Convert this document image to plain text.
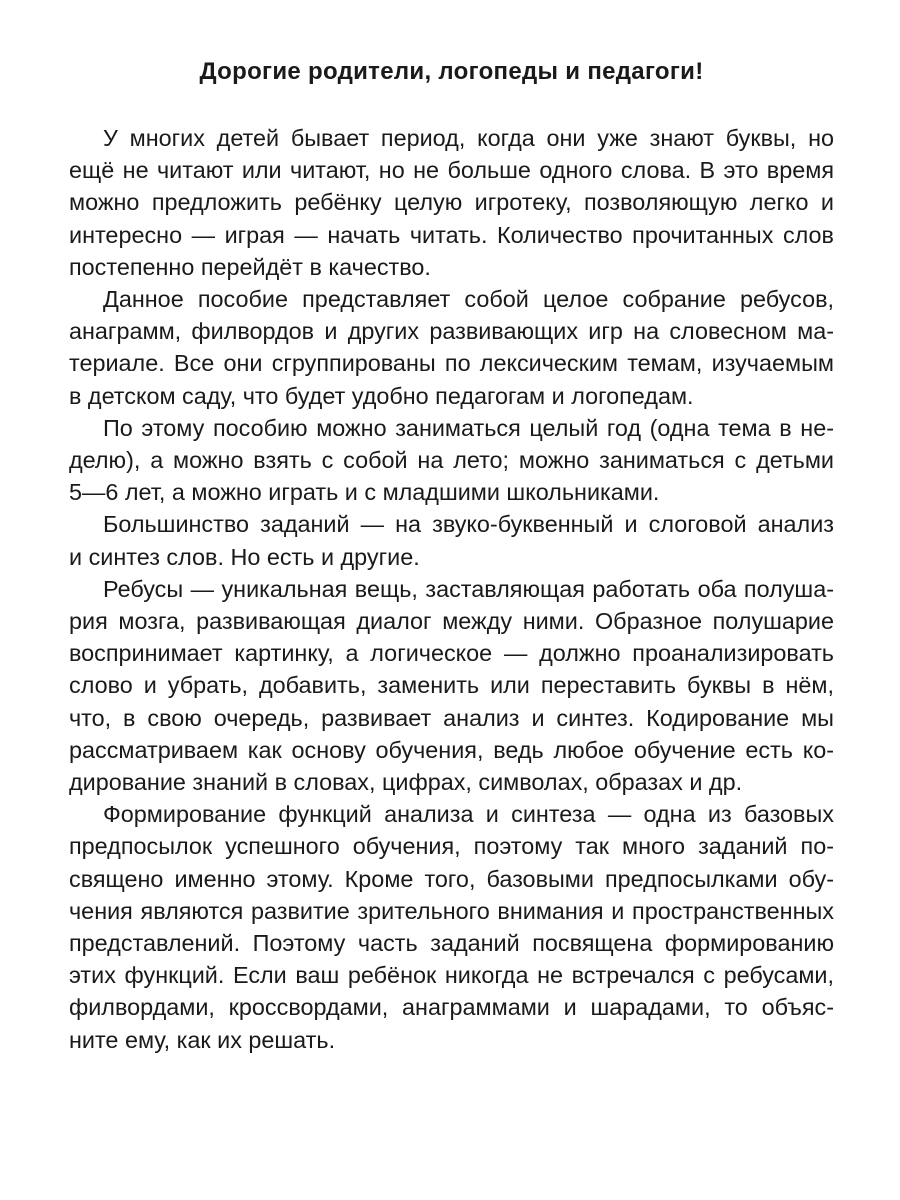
Дорогие родители, логопеды и педагоги!

У многих детей бывает период, когда они уже знают буквы, но
ещё не читают или читают, но не больше одного слова. В это время
можно предложить ребёнку целую игротеку, позволяющую легко и
интересно — играя — начать читать. Количество прочитанных слов
постепенно перейдёт в качество.

Данное пособие представляет собой целое собрание ребусов,
анаграмм, филвордов и других развивающих игр на словесном ма-
териале. Все они сгруппированы по лексическим темам, изучаемым
в детском саду, что будет удобно педагогам и логопедам.

По этому пособию можно заниматься целый год (одна тема в не-
делю), а можно взять с собой на лето; можно заниматься с детьми
5—6 лет, а можно играть и с младшими школьниками.

Большинство заданий — на звуко-буквенный и слоговой анализ
и синтез слов. Но есть и другие.

Ребусы — уникальная вещь, заставляющая работать оба полуша-
рия мозга, развивающая диалог между ними. Образное полушарие
воспринимает картинку, а логическое — должно проанализировать
слово и убрать, добавить, заменить или переставить буквы в нём,
что, в свою очередь, развивает анализ и синтез. Кодирование мы
рассматриваем как основу обучения, ведь любое обучение есть ко-
дирование знаний в словах, цифрах, символах, образах и др.

Формирование функций анализа и синтеза — одна из базовых
предпосылок успешного обучения, поэтому так много заданий по-
священо именно этому. Кроме того, базовыми предпосылками обу-
чения являются развитие зрительного внимания и пространственных
представлений. Поэтому часть заданий посвящена формированию
этих функций. Если ваш ребёнок никогда не встречался с ребусами,
филвордами, кроссвордами, анаграммами и шарадами, то объяс-
ните ему, как их решать.
